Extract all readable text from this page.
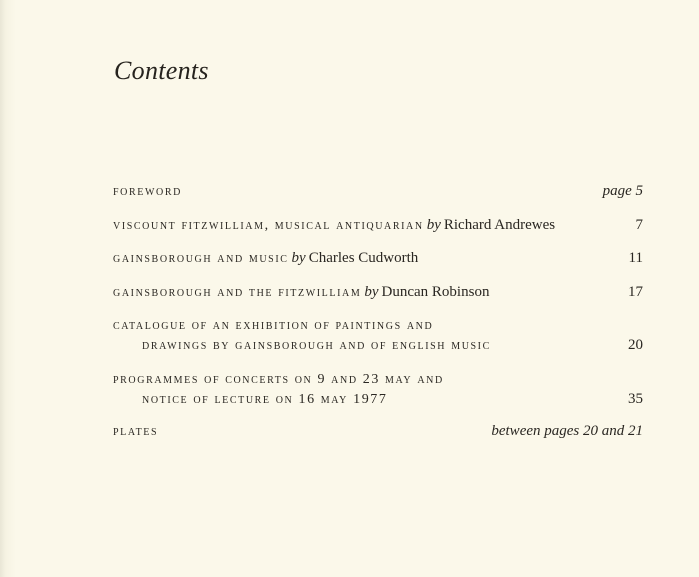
Contents
foreword	page 5
viscount fitzwilliam, musical antiquarian by Richard Andrewes	7
gainsborough and music by Charles Cudworth	11
gainsborough and the fitzwilliam by Duncan Robinson	17
catalogue of an exhibition of paintings and
drawings by gainsborough and of english music	20
programmes of concerts on 9 and 23 may and
notice of lecture on 16 may 1977	35
plates	between pages 20 and 21
